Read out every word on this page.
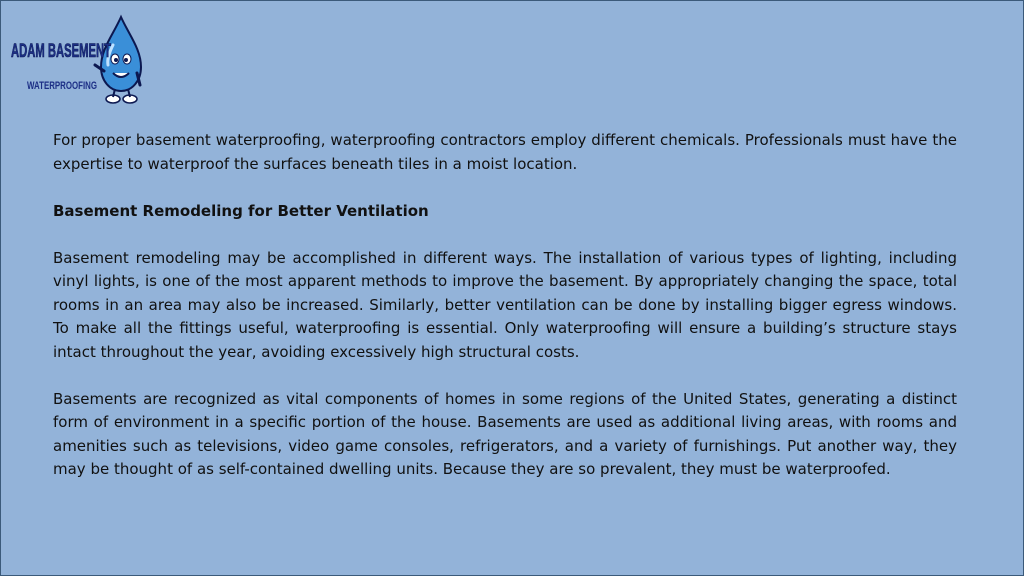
ADAM BASEMENT
WATERPROOFING

For proper basement waterproofing, waterproofing contractors employ different chemicals. Professionals must have the expertise to waterproof the surfaces beneath tiles in a moist location.

Basement Remodeling for Better Ventilation

Basement remodeling may be accomplished in different ways. The installation of various types of lighting, including vinyl lights, is one of the most apparent methods to improve the basement. By appropriately changing the space, total rooms in an area may also be increased. Similarly, better ventilation can be done by installing bigger egress windows. To make all the fittings useful, waterproofing is essential. Only waterproofing will ensure a building’s structure stays intact throughout the year, avoiding excessively high structural costs.

Basements are recognized as vital components of homes in some regions of the United States, generating a distinct form of environment in a specific portion of the house. Basements are used as additional living areas, with rooms and amenities such as televisions, video game consoles, refrigerators, and a variety of furnishings. Put another way, they may be thought of as self-contained dwelling units. Because they are so prevalent, they must be waterproofed.
